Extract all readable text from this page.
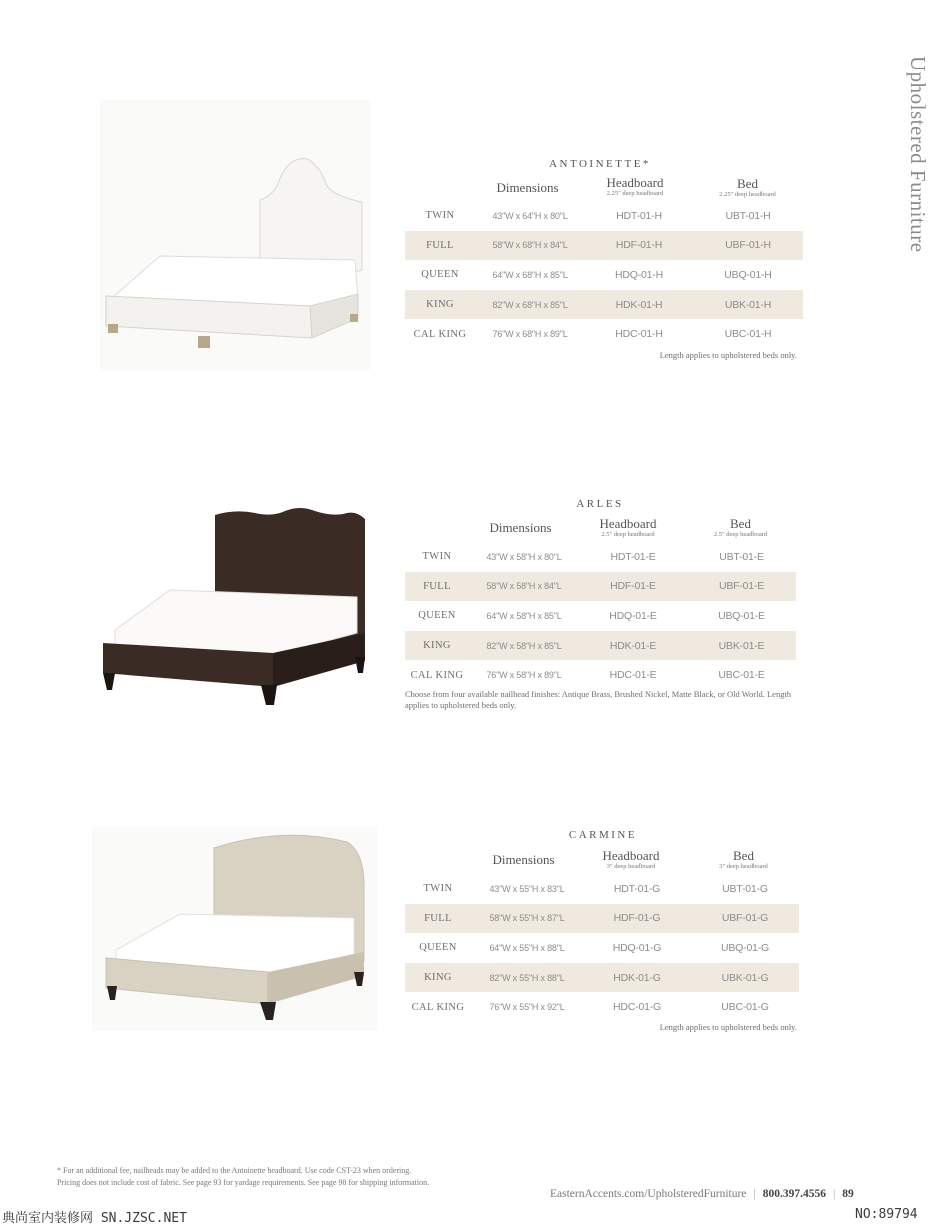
Upholstered Furniture
ANTOINETTE*
Dimensions	Headboard
2.25" deep headboard
Bed
2.25" deep headboard
TWIN	43"W x 64"H x 80"L	HDT-01-H	UBT-01-H
FULL	58"W x 68"H x 84"L	HDF-01-H	UBF-01-H
QUEEN	64"W x 68"H x 85"L	HDQ-01-H	UBQ-01-H
KING	82"W x 68"H x 85"L	HDK-01-H	UBK-01-H
CAL KING	76"W x 68"H x 89"L	HDC-01-H	UBC-01-H
Length applies to upholstered beds only.
ARLES
Dimensions	Headboard
2.5" deep headboard
Bed
2.5" deep headboard
TWIN	43"W x 58"H x 80"L	HDT-01-E	UBT-01-E
FULL	58"W x 58"H x 84"L	HDF-01-E	UBF-01-E
QUEEN	64"W x 58"H x 85"L	HDQ-01-E	UBQ-01-E
KING	82"W x 58"H x 85"L	HDK-01-E	UBK-01-E
CAL KING	76"W x 58"H x 89"L	HDC-01-E	UBC-01-E
Choose from four available nailhead finishes: Antique Brass, Brushed Nickel, Matte Black, or Old World. Length applies to upholstered beds only.
CARMINE
Dimensions	Headboard
3" deep headboard
Bed
3" deep headboard
TWIN	43"W x 55"H x 83"L	HDT-01-G	UBT-01-G
FULL	58"W x 55"H x 87"L	HDF-01-G	UBF-01-G
QUEEN	64"W x 55"H x 88"L	HDQ-01-G	UBQ-01-G
KING	82"W x 55"H x 88"L	HDK-01-G	UBK-01-G
CAL KING	76"W x 55"H x 92"L	HDC-01-G	UBC-01-G
Length applies to upholstered beds only.
* For an additional fee, nailheads may be added to the Antoinette headboard. Use code CST-23 when ordering.
Pricing does not include cost of fabric. See page 93 for yardage requirements. See page 98 for shipping information.
EasternAccents.com/UpholsteredFurniture | 800.397.4556 | 89
典尚室内装修网 SN.JZSC.NET	NO:89794
